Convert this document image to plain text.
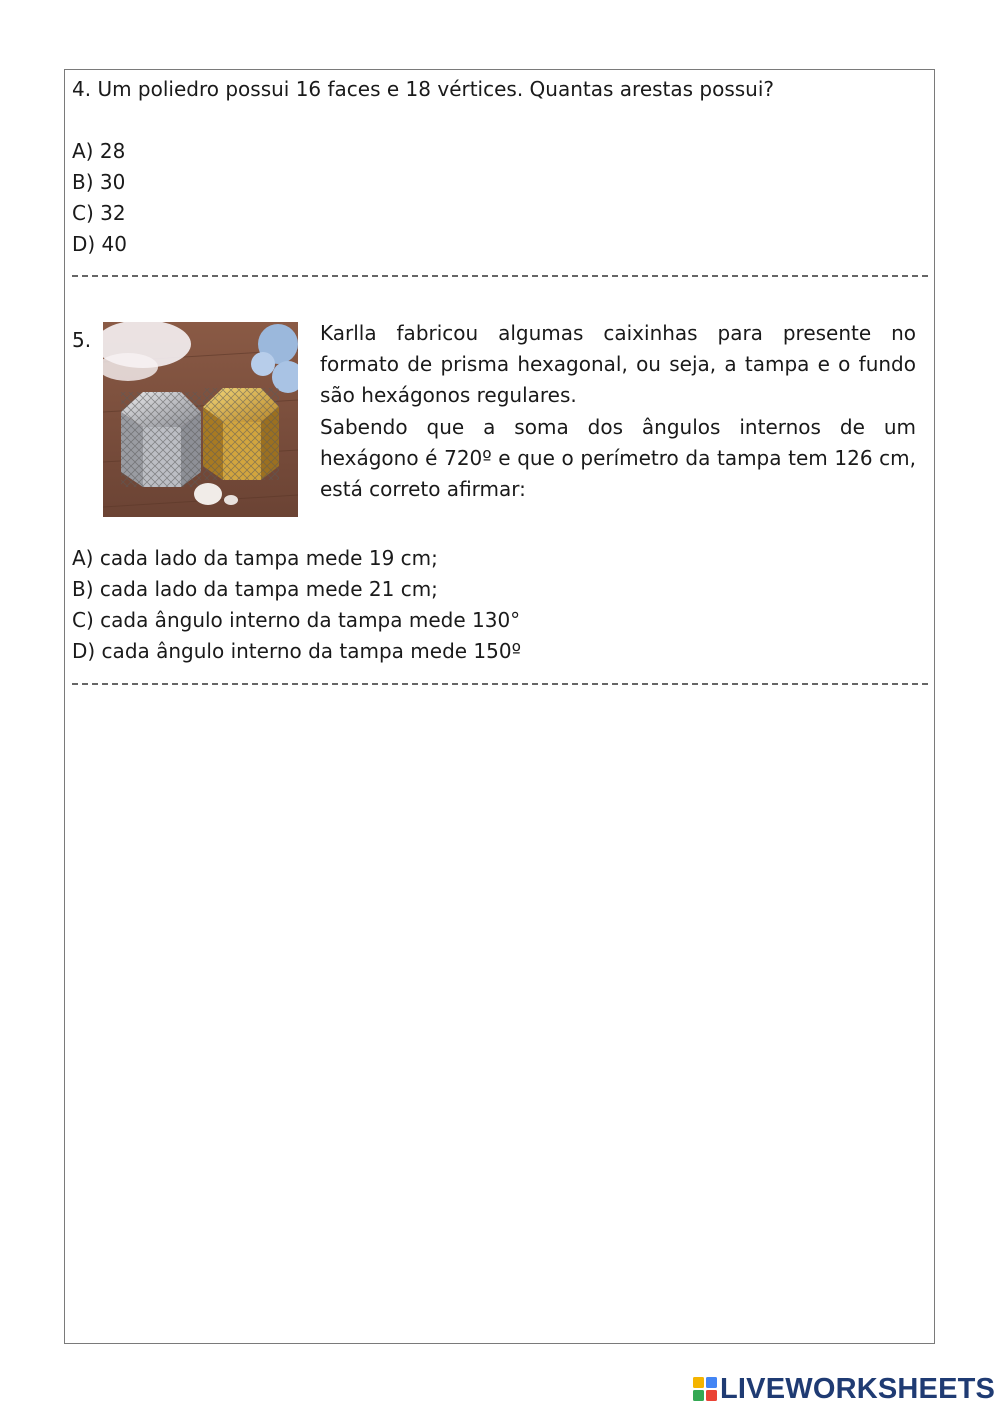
4. Um poliedro possui 16 faces e 18 vértices. Quantas arestas possui?
A) 28
B) 30
C) 32
D) 40
5.	Karlla fabricou algumas caixinhas para presente no
formato de prisma hexagonal, ou seja, a tampa e o fundo
são hexágonos regulares.
Sabendo que a soma dos ângulos internos de um
hexágono é 720º e que o perímetro da tampa tem 126 cm,
está correto afirmar:

A) cada lado da tampa mede 19 cm;
B) cada lado da tampa mede 21 cm;
C) cada ângulo interno da tampa mede 130°
D) cada ângulo interno da tampa mede 150º
LIVEWORKSHEETS
